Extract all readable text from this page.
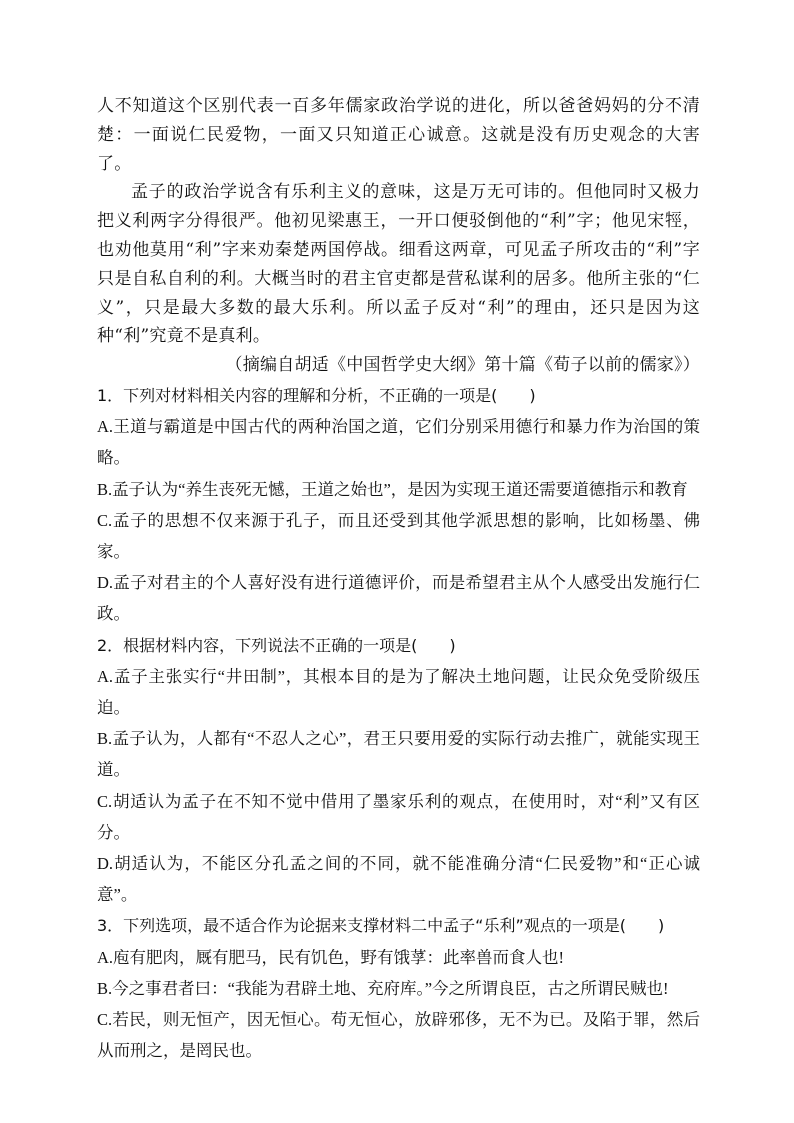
人不知道这个区别代表一百多年儒家政治学说的进化，所以爸爸妈妈的分不清楚：一面说仁民爱物，一面又只知道正心诚意。这就是没有历史观念的大害了。

孟子的政治学说含有乐利主义的意味，这是万无可讳的。但他同时又极力把义利两字分得很严。他初见梁惠王，一开口便驳倒他的“利”字；他见宋牼，也劝他莫用“利”字来劝秦楚两国停战。细看这两章，可见孟子所攻击的“利”字只是自私自利的利。大概当时的君主官吏都是营私谋利的居多。他所主张的“仁义”，只是最大多数的最大乐利。所以孟子反对“利”的理由，还只是因为这种“利”究竟不是真利。

（摘编自胡适《中国哲学史大纲》第十篇《荀子以前的儒家》）

1．下列对材料相关内容的理解和分析，不正确的一项是(　　)

A.王道与霸道是中国古代的两种治国之道，它们分别采用德行和暴力作为治国的策略。

B.孟子认为“养生丧死无憾，王道之始也”，是因为实现王道还需要道德指示和教育

C.孟子的思想不仅来源于孔子，而且还受到其他学派思想的影响，比如杨墨、佛家。

D.孟子对君主的个人喜好没有进行道德评价，而是希望君主从个人感受出发施行仁政。

2．根据材料内容，下列说法不正确的一项是(　　)

A.孟子主张实行“井田制”，其根本目的是为了解决土地问题，让民众免受阶级压迫。

B.孟子认为，人都有“不忍人之心”，君王只要用爱的实际行动去推广，就能实现王道。

C.胡适认为孟子在不知不觉中借用了墨家乐利的观点，在使用时，对“利”又有区分。

D.胡适认为，不能区分孔孟之间的不同，就不能准确分清“仁民爱物”和“正心诚意”。

3．下列选项，最不适合作为论据来支撑材料二中孟子“乐利”观点的一项是(　　)

A.庖有肥肉，厩有肥马，民有饥色，野有饿莩：此率兽而食人也!

B.今之事君者曰：“我能为君辟土地、充府库。”今之所谓良臣，古之所谓民贼也!

C.若民，则无恒产，因无恒心。苟无恒心，放辟邪侈，无不为已。及陷于罪，然后从而刑之，是罔民也。
